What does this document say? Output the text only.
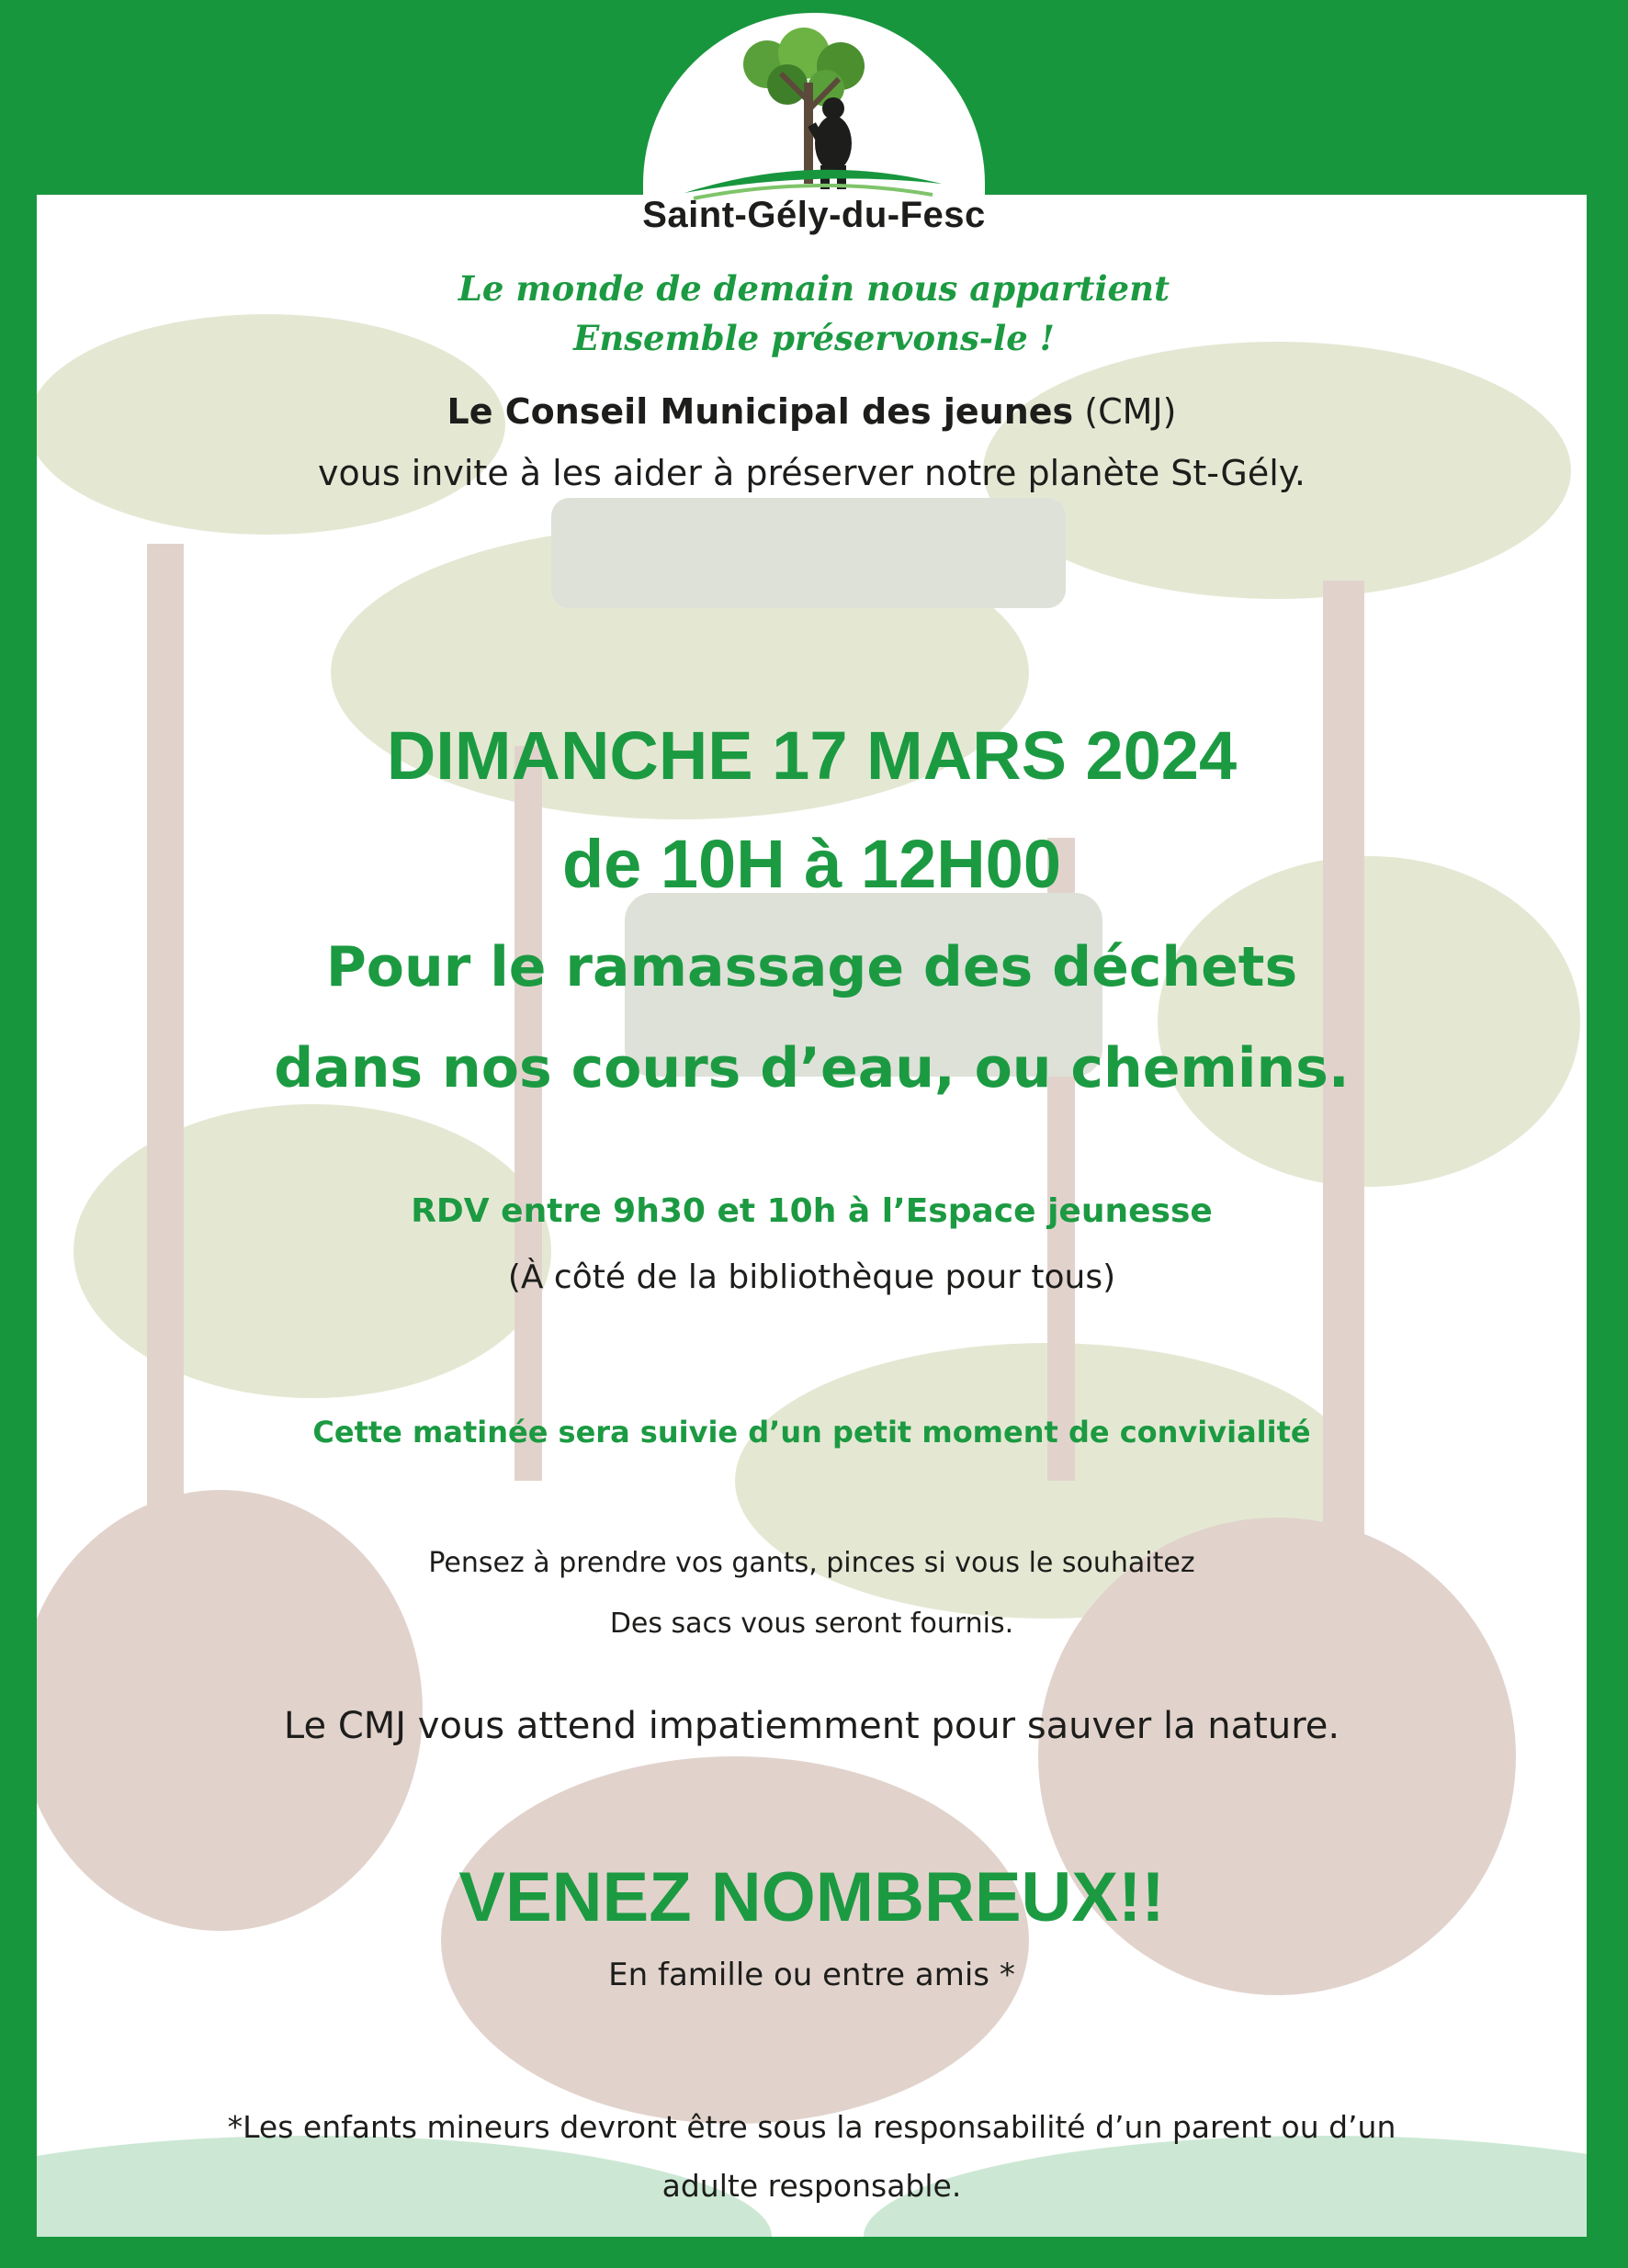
Saint-Gély-du-Fesc
Le monde de demain nous appartient
Ensemble préservons-le !

Le Conseil Municipal des jeunes (CMJ)

vous invite à les aider à préserver notre planète St-Gély.

DIMANCHE 17 MARS 2024

de 10H à 12H00

Pour le ramassage des déchets

dans nos cours d’eau, ou chemins.

RDV entre 9h30 et 10h à l’Espace jeunesse

(À côté de la bibliothèque pour tous)

Cette matinée sera suivie d’un petit moment de convivialité

Pensez à prendre vos gants, pinces si vous le souhaitez

Des sacs vous seront fournis.

Le CMJ vous attend impatiemment pour sauver la nature.

VENEZ NOMBREUX!!

En famille ou entre amis *

*Les enfants mineurs devront être sous la responsabilité d’un parent ou d’un

adulte responsable.
